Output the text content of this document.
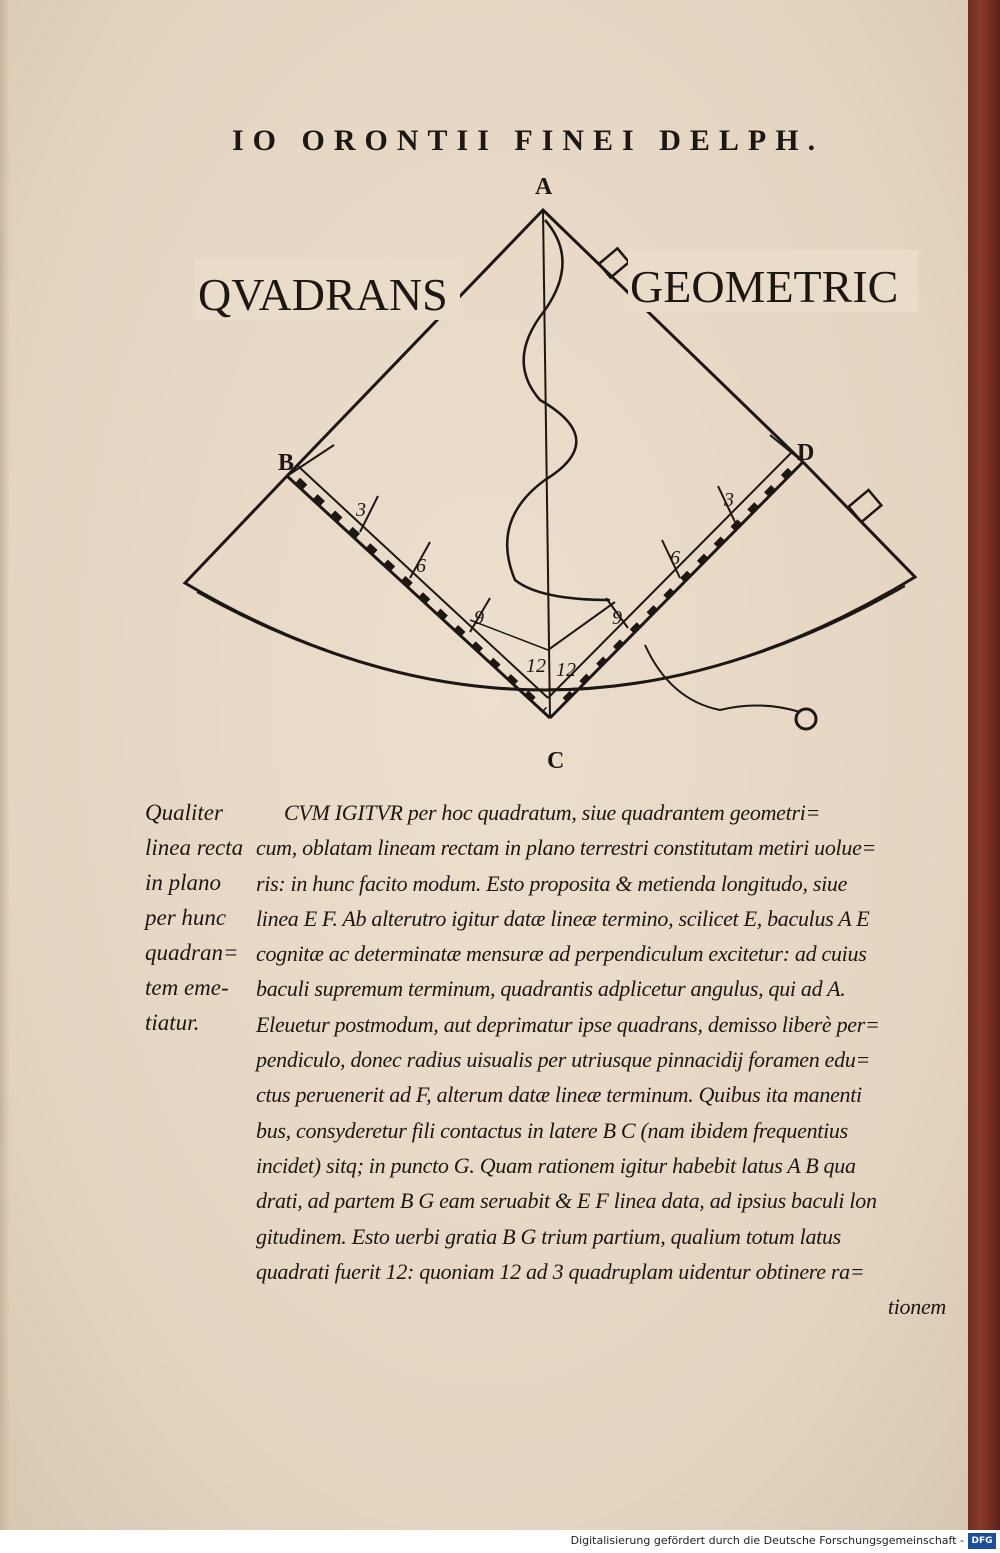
IO ORONTII FINEI DELPH.
QVADRANS	GEOMETRIC
A
B
C
D
3
6
9
12 12
9
6
3
Qualiter
linea recta
in plano
per hunc
quadran=
tem eme-
tiatur.
CVM IGITVR per hoc quadratum, siue quadrantem geometri=
cum, oblatam lineam rectam in plano terrestri constitutam metiri uolue=
ris: in hunc facito modum. Esto proposita & metienda longitudo, siue
linea E F. Ab alterutro igitur datæ lineæ termino, scilicet E, baculus A E
cognitæ ac determinatæ mensuræ ad perpendiculum excitetur: ad cuius
baculi supremum terminum, quadrantis adplicetur angulus, qui ad A.
Eleuetur postmodum, aut deprimatur ipse quadrans, demisso liberè per=
pendiculo, donec radius uisualis per utriusque pinnacidij foramen edu=
ctus peruenerit ad F, alterum datæ lineæ terminum. Quibus ita manenti
bus, consyderetur fili contactus in latere B C (nam ibidem frequentius
incidet) sitq; in puncto G. Quam rationem igitur habebit latus A B qua
drati, ad partem B G eam seruabit & E F linea data, ad ipsius baculi lon
gitudinem. Esto uerbi gratia B G trium partium, qualium totum latus
quadrati fuerit 12: quoniam 12 ad 3 quadruplam uidentur obtinere ra=
tionem
Digitalisierung gefördert durch die Deutsche Forschungsgemeinschaft - DFG
